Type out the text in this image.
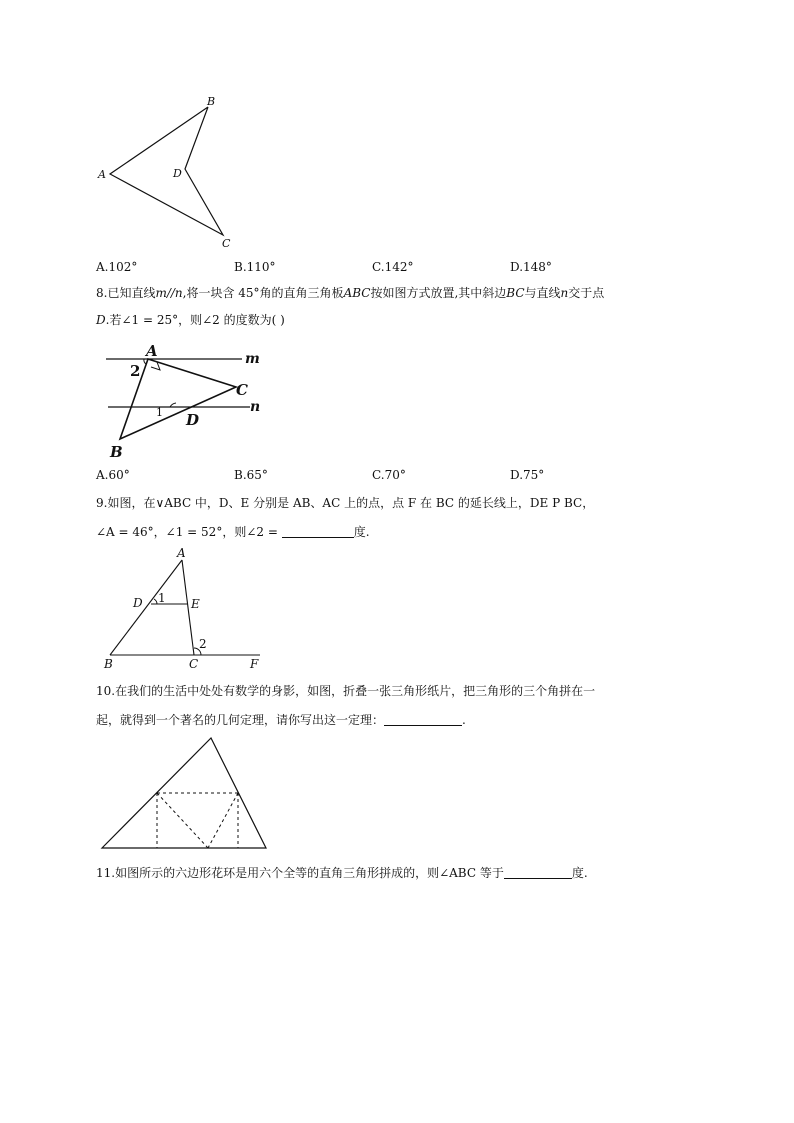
B
A	D
C
A.102°	B.110°	C.142°	D.148°
8.已知直线m//n,将一块含 45°角的直角三角板ABC按如图方式放置,其中斜边BC与直线n交于点
D.若∠1 = 25°，则∠2 的度数为( )
A	m
2
C
1 D
n
B
A.60°	B.65°	C.70°	D.75°
9.如图，在∨ABC 中，D、E 分别是 AB、AC 上的点，点 F 在 BC 的延长线上，DE P BC，
∠A = 46°，∠1 = 52°，则∠2 =	度.
A
D 1 E
2
B	C	F
10.在我们的生活中处处有数学的身影，如图，折叠一张三角形纸片，把三角形的三个角拼在一
起，就得到一个著名的几何定理，请你写出这一定理：	.
11.如图所示的六边形花环是用六个全等的直角三角形拼成的，则∠ABC 等于	度.
